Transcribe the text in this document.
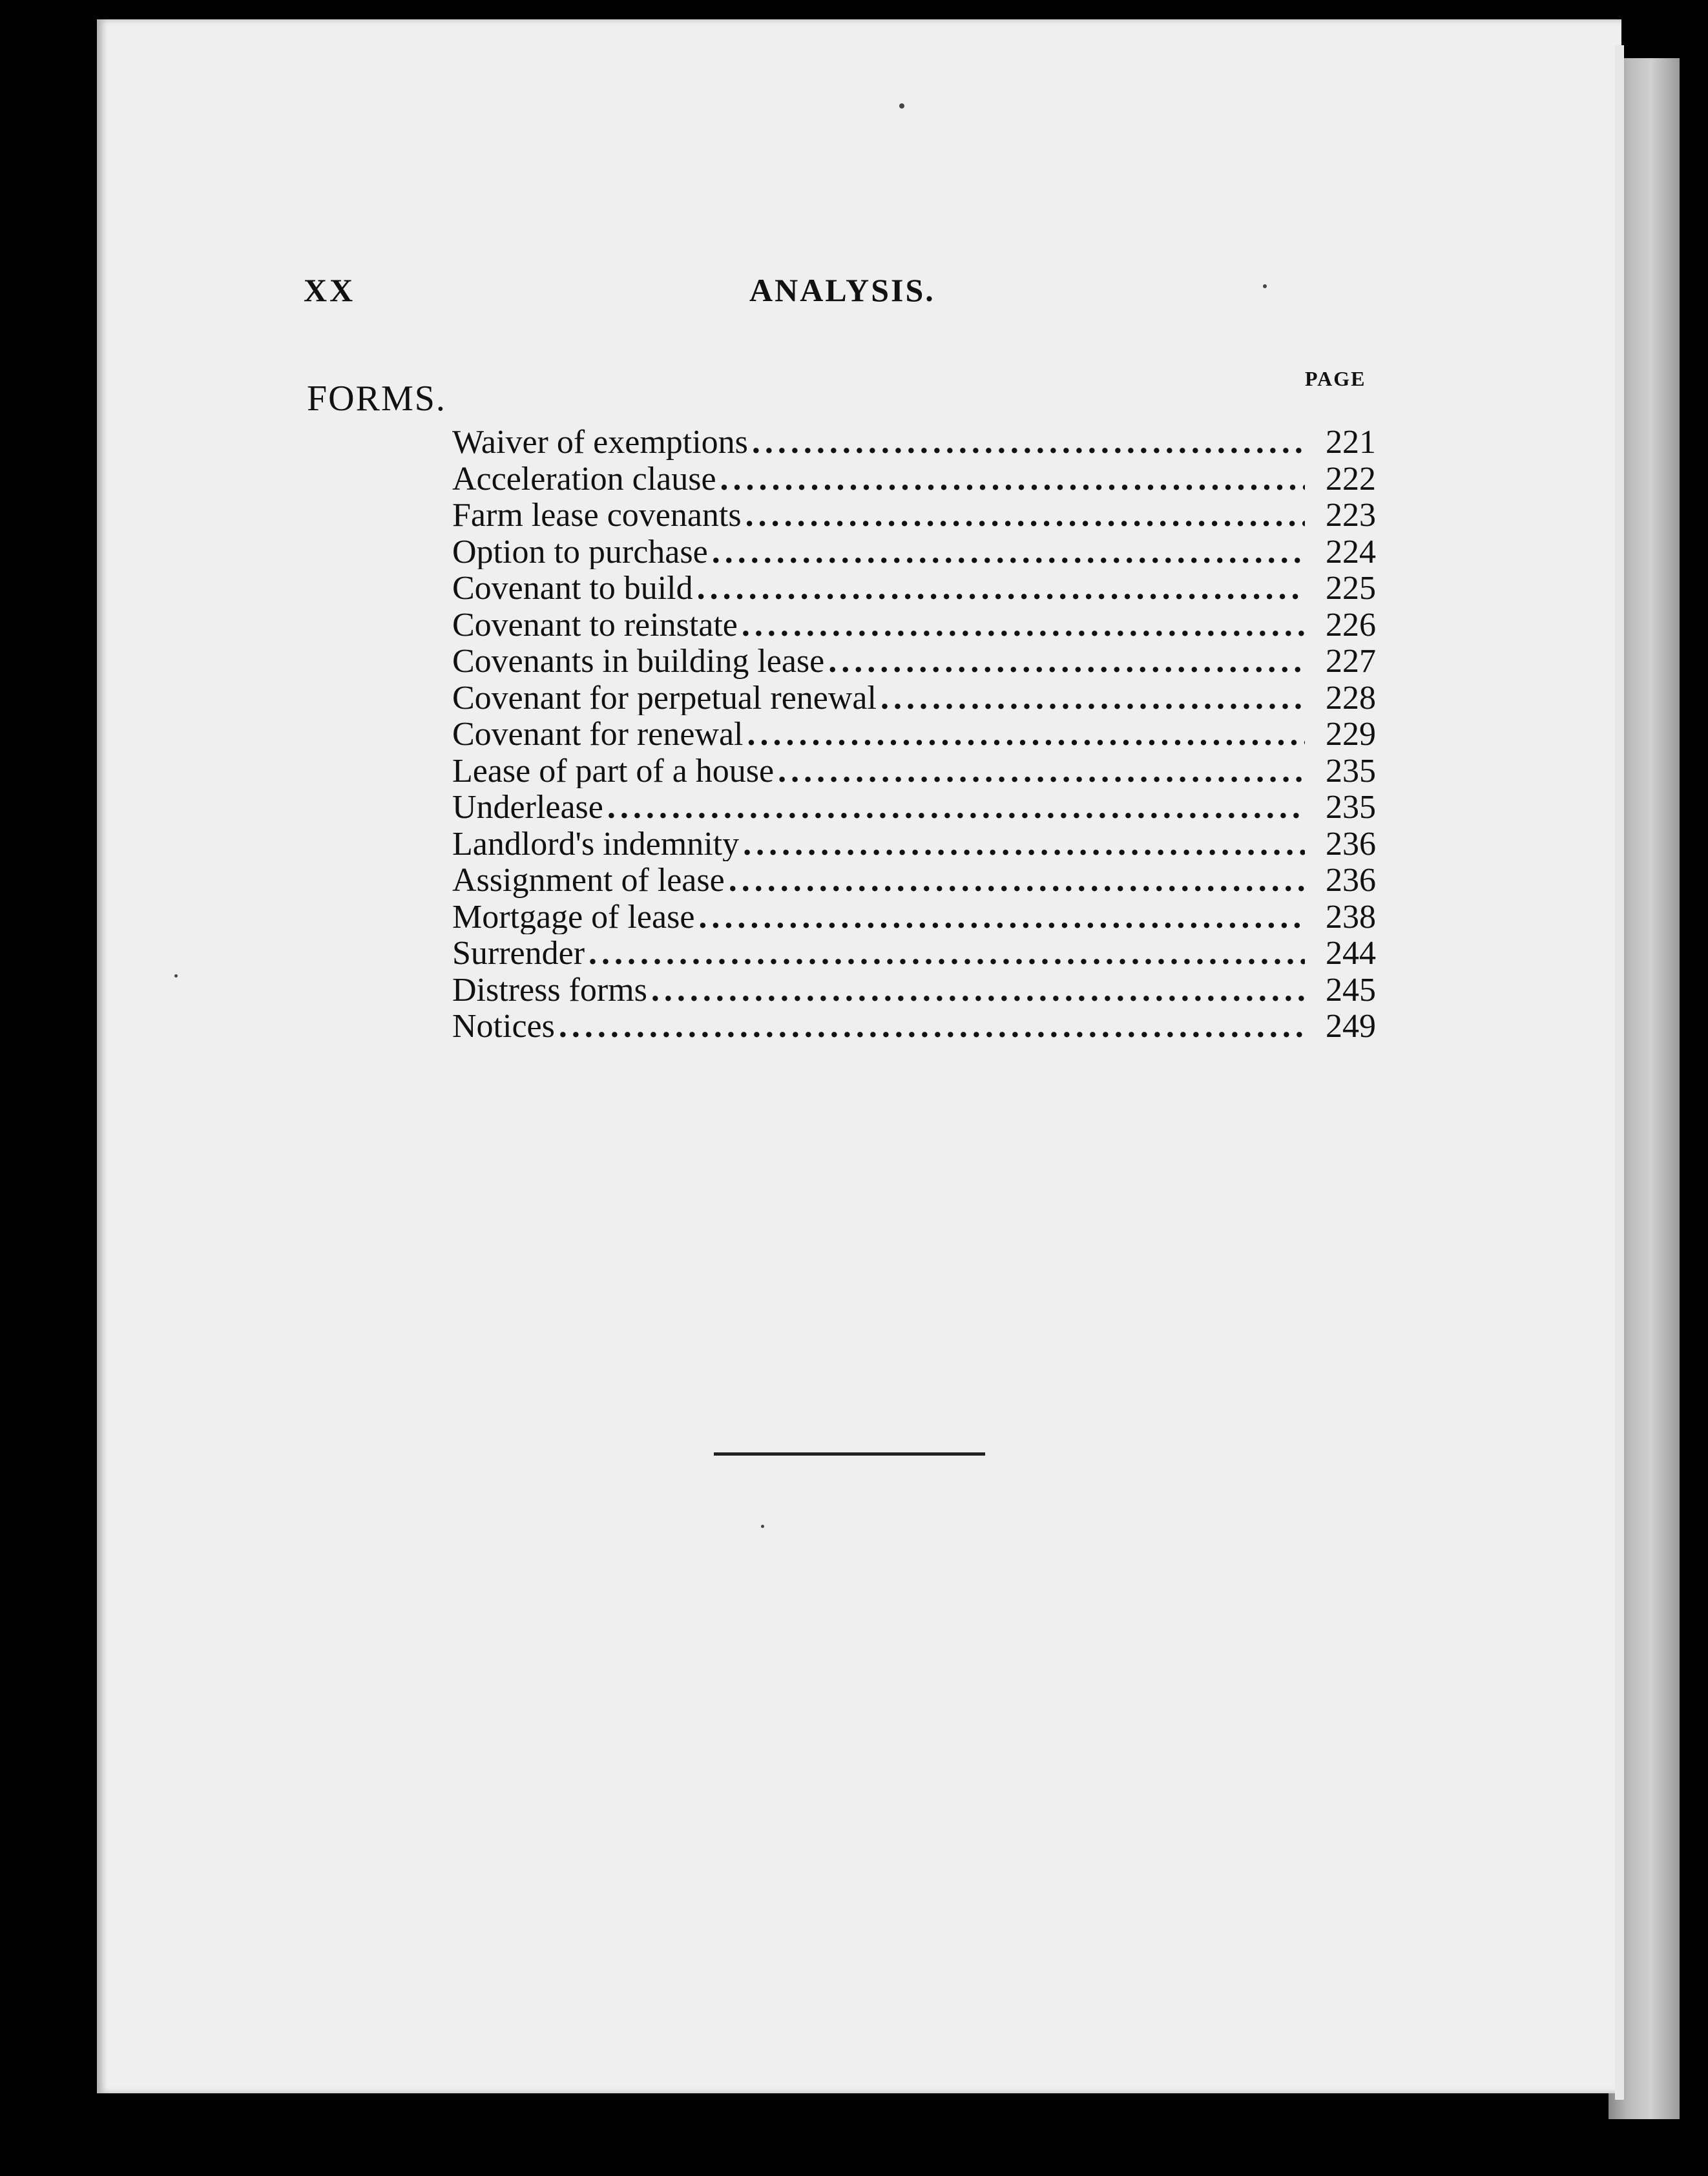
XX	ANALYSIS.
PAGE
FORMS.
Waiver of exemptions .....	221
Acceleration clause .....	222
Farm lease covenants .....	223
Option to purchase .....	224
Covenant to build .....	225
Covenant to reinstate .....	226
Covenants in building lease .....	227
Covenant for perpetual renewal .....	228
Covenant for renewal .....	229
Lease of part of a house .....	235
Underlease .....	235
Landlord's indemnity .....	236
Assignment of lease .....	236
Mortgage of lease .....	238
Surrender .....	244
Distress forms .....	245
Notices .....	249
